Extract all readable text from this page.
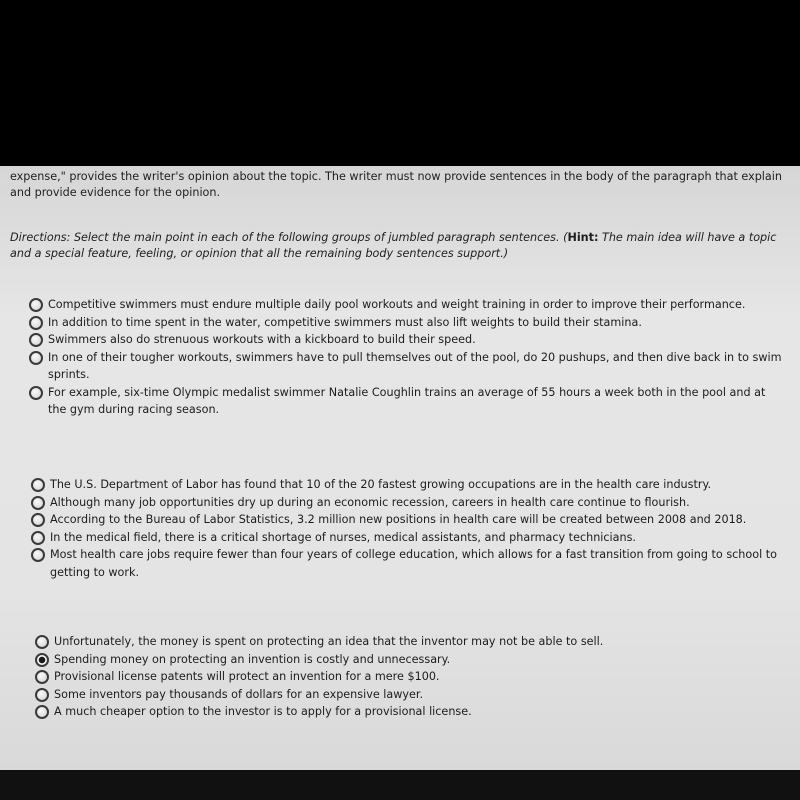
expense," provides the writer's opinion about the topic. The writer must now provide sentences in the body of the paragraph that explain and provide evidence for the opinion.
Directions: Select the main point in each of the following groups of jumbled paragraph sentences. (Hint: The main idea will have a topic and a special feature, feeling, or opinion that all the remaining body sentences support.)
Competitive swimmers must endure multiple daily pool workouts and weight training in order to improve their performance.
In addition to time spent in the water, competitive swimmers must also lift weights to build their stamina.
Swimmers also do strenuous workouts with a kickboard to build their speed.
In one of their tougher workouts, swimmers have to pull themselves out of the pool, do 20 pushups, and then dive back in to swim sprints.
For example, six-time Olympic medalist swimmer Natalie Coughlin trains an average of 55 hours a week both in the pool and at the gym during racing season.
The U.S. Department of Labor has found that 10 of the 20 fastest growing occupations are in the health care industry.
Although many job opportunities dry up during an economic recession, careers in health care continue to flourish.
According to the Bureau of Labor Statistics, 3.2 million new positions in health care will be created between 2008 and 2018.
In the medical field, there is a critical shortage of nurses, medical assistants, and pharmacy technicians.
Most health care jobs require fewer than four years of college education, which allows for a fast transition from going to school to getting to work.
Unfortunately, the money is spent on protecting an idea that the inventor may not be able to sell.
Spending money on protecting an invention is costly and unnecessary.
Provisional license patents will protect an invention for a mere $100.
Some inventors pay thousands of dollars for an expensive lawyer.
A much cheaper option to the investor is to apply for a provisional license.
